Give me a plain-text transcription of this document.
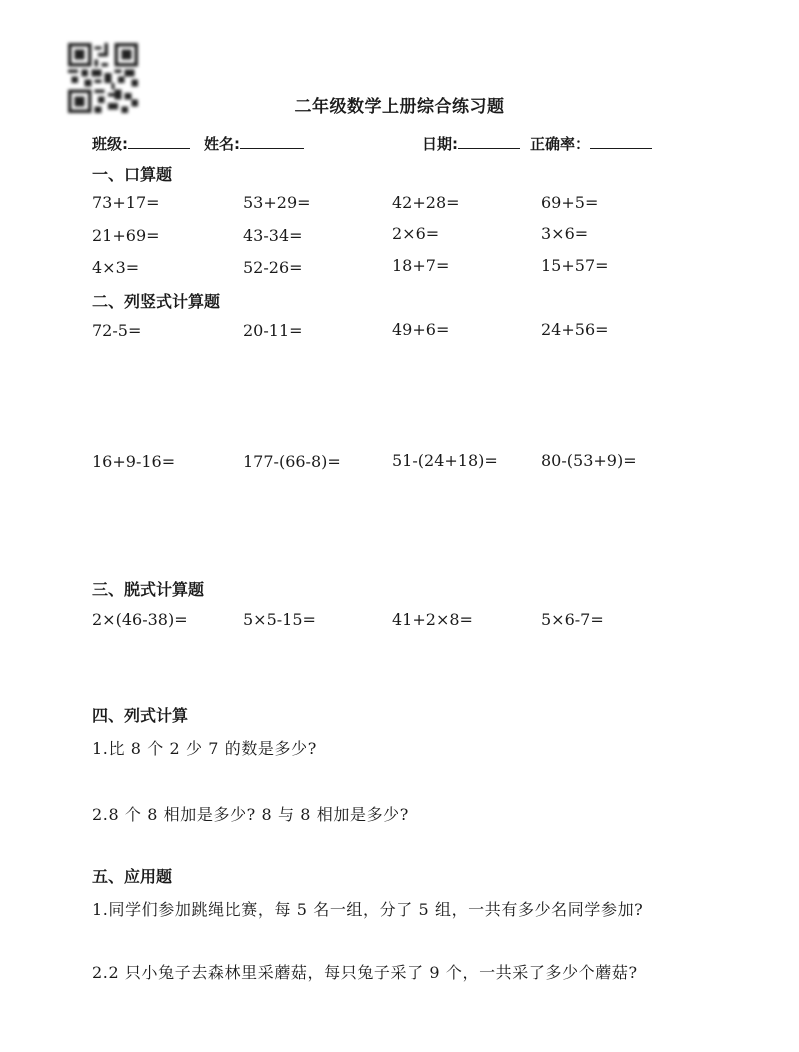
二年级数学上册综合练习题
班级:	姓名:	日期:	正确率：
一、口算题
73+17=	53+29=	42+28=	69+5=
21+69=	43-34=	2×6=	3×6=
4×3=	52-26=	18+7=	15+57=
二、列竖式计算题
72-5=	20-11=	49+6=	24+56=
16+9-16=	177-(66-8)=	51-(24+18)=	80-(53+9)=
三、脱式计算题
2×(46-38)=	5×5-15=	41+2×8=	5×6-7=
四、列式计算
1.比 8 个 2 少 7 的数是多少?
2.8 个 8 相加是多少? 8 与 8 相加是多少?
五、应用题
1.同学们参加跳绳比赛，每 5 名一组，分了 5 组，一共有多少名同学参加?
2.2 只小兔子去森林里采蘑菇，每只兔子采了 9 个，一共采了多少个蘑菇?
